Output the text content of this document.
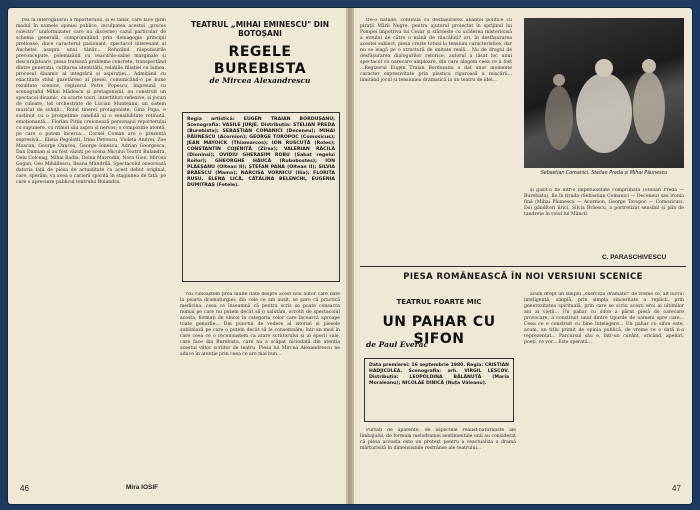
rea la interogatoriu a reporterului, și el tânăr, care face (prin modul în numele opiniei publice, inculpatea acestui „proces colectiv" uniformizator care nu discerne) cazul particular de schema generală, compromițând prin demagogie principii pretioase, duce caracterul pasionant, spectacol interesant al Anchetei asupra unui tânăr... Refuzând răspunsurile preconcepute, polemizând cu veacurile-sabie marginale și descurajatoare, piesa tratează probleme concrete, transportând dintre generații, cuțitarea identității, relațiile filiației cu lumea, procesul dinamic al integrării și aspirației... Admițând cu exactitate stilul gazetăresc al piesei, comunicând-o pe bune rezultate scenice, regizorul Petre Popescu, împreună cu scenograful Mihai Mădescu și protagoniștii, au construit un spectacol dinamic, cu scurte touri, intertitluri reflexive, și jocuri de culoare, tot orchestrate de Lucian Munteanu, un sistem muzical de schiță... Rolul tinerei protagoniste, Gina Popa, e susținut cu o prospețime candidă și o sensibilitate reținută, emoționantă... Florian Pittiș creionează personajul reporterului cu supunere, cu ritmul său aspru și nervos; o compoziție atentă, pe care o putem încerca... Cornel Coman are o prezență expresivă... Elena Pegolotti, Irina Petrescu, Violeta Andrei, Zoe Muscan, George Oancea, George Ionescu, Adrian Georgescu, Dan Damian și au fost văzuți pe scena Micului Teatru Bulandra, Gelu Colceag, Mihai Badiu, Doina Mavrodin, Nora Gion, Mircea Gogan, Geo Mihăilescu, Ileana Mândrilă. Spectacolul oneorează datoria față de piesa de actualitate cu acest debut original, care, sperăm, va avea o carieră sporită în stagiunea de față, pe care o aprecieze publicul teatrului Bulandra.

Mira IOSIF
46
TEATRUL „MIHAI EMINESCU" DIN BOTOȘANI
REGELE BUREBISTA
de Mircea Alexandrescu
Regia artistică: EUGEN TRAIAN BORDUȘANU; Scenografia: VASILE JURJE. Distribuția: STELIAN PREDA (Burebista); SEBASTIAN COMANICI (Deceneu); MIHAI PĂUNESCU (Acornion); GEORGE TOROPOC (Comosicus); JEAN MAYOICK (Thiamarcos); ION RUSCUȚĂ (Roles); CONSTANTIN COJENIȚĂ (Zirax); VALERIAN RĂCILĂ (Dioninsi); OVIDIU GHERASIM ROBU (Sabat regelui Roilor); GHEORGHE HĂUCĂ (Rubobostes); ION PLĂEȘANU (Oltean II); ȘTEFAN PANA (Oltean II); SILVIA BRĂESCU (Mama); NARCISA VORNICU (Ilia); FLORITA RUSU, ELENA LICĂ, CĂTĂLINA BELENCHI, EUGENIA DUMITRAȘ (Fetele).

Nu cunoaștem prea multe date despre acest nou autor care bate la poarta dramaturgiei; din cele ce am aușit, se pare că practică medicina, ceea ce înseamnă că pentru scris se poate consacra numai pe care nu putem decât să o salutăm, ocrotit de spectacolul acesta, formați de obicei în categoria celor care încearcă aproape toate genurile... Din punctul de vedere al istoriei și piesele subliniază pe care o putem decât să le consemnăm, într-un mod în care ceea ce o recunoaștem ca atare scriitorului și al epocii sale, care face din Burebista, care nu a scăpat niciodată din atenția acestui viitor scriitor de teatru. Piesa lui Mircea Alexandrescu ne aduce în atenție prin ceea ce are mai bun...

tre-o bătălie, continuă cu desfășurarea alianței politice cu pirații Mării Negre, pentru ajutorul proiectat în sprijinul lui Pompei împotriva lui Cezar și sfârșește cu uciderea misterioasă a eroului de către o mână de răucăluți? ori, în desfășurarea acestei subiect, piesa crește totuși la tensiuni caracteristice, dar nu se leagă pe o structură de unitate reală... Nu de dragul de desfășurarea dialogurilor retorice, autorul a lăsat loc unui spectacol cu oarecare amploare, din care alegem ceea ce a fost ...Regizorul Eugen Traian Bordușanu a dat unor momente caracter expresivitate prin plastica riguroasă a mișcării... limitând jocul și tensiunea dramatică la un teatru de idei...

Sebastian Comanici, Stelian Preda și Mihai Păunescu

și găsit-o fie într-o impetuozitate comprimată (Stelian Preda — Burebista), fie în tirada (Sebastian Comanici — Deceneu) sau ironia fină (Mihai Păunescu — Acornion, George Toropoc — Comosicus). Doi gânditori lirici, Silvia Brăescu, a portretizat sensibil și plin de tandrețe în rolul lui Mâncil.

C. PARASCHIVESCU
PIESA ROMÂNEASCĂ ÎN NOI VERSIUNI SCENICE
TEATRUL FOARTE MIC
UN PAHAR CU SIFON
de Paul Everac
Data premierei: 16 septembrie 1980. Regia: CRISTIAN HADJICULEA. Scenografia: arh. VIRGIL LESCOV. Distribuția: LEOPOLDINA BĂLĂNUȚĂ (Maria Moraleanu); NICOLAE DINICĂ (Nuța Văleanu).

Purtați de aparente, de aspectele realist-naturaliste ale limbajului, de formula melodramei sentimentale unii au considerat că piesa aceasta este un pretext pentru a reactualiza o dramă mărturisită în dimensiunile restrânse ale teatrului...

acum drept un simplu „exercițiu dramatic" de vreme ce, alt lucru: inteligență, simplă, prin simpla sinceritate a replicii, prin generozitatea spirituală, prin care se scriu acești eroi ai ultimilor ani ai vieții... Un pahar cu sifon a părut piesă de oarecare provocare, a constituit unul dintre tipurile de oameni spre care... Ceea ce e construit cu bine înțelegere... Un pahar cu sifon este, acum, un titlu primit de opinia publică, de vreme ce o dată n-a reprezentat... Parcursul său e, într-un cuvânt, oricând, apeluri, poeți, ce vor... Este sperată...

47
